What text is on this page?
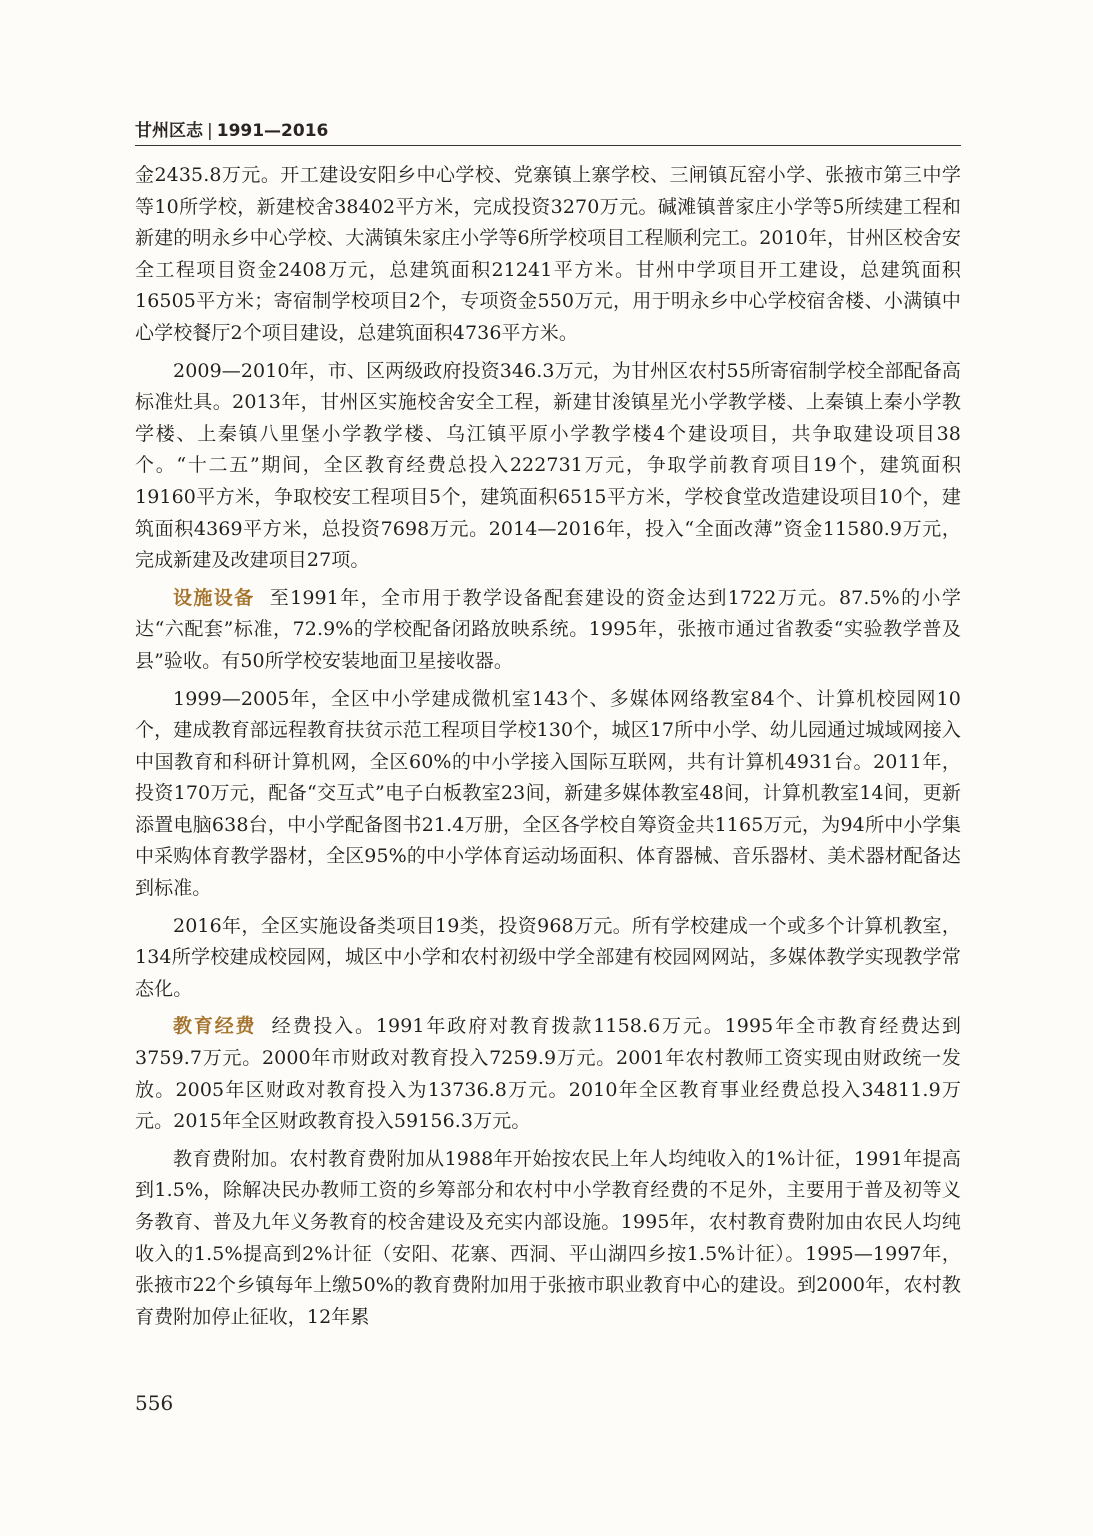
甘州区志 | 1991—2016

金2435.8万元。开工建设安阳乡中心学校、党寨镇上寨学校、三闸镇瓦窑小学、张掖市第三中学等10所学校，新建校舍38402平方米，完成投资3270万元。碱滩镇普家庄小学等5所续建工程和新建的明永乡中心学校、大满镇朱家庄小学等6所学校项目工程顺利完工。2010年，甘州区校舍安全工程项目资金2408万元，总建筑面积21241平方米。甘州中学项目开工建设，总建筑面积16505平方米；寄宿制学校项目2个，专项资金550万元，用于明永乡中心学校宿舍楼、小满镇中心学校餐厅2个项目建设，总建筑面积4736平方米。

2009—2010年，市、区两级政府投资346.3万元，为甘州区农村55所寄宿制学校全部配备高标准灶具。2013年，甘州区实施校舍安全工程，新建甘浚镇星光小学教学楼、上秦镇上秦小学教学楼、上秦镇八里堡小学教学楼、乌江镇平原小学教学楼4个建设项目，共争取建设项目38个。“十二五”期间，全区教育经费总投入222731万元，争取学前教育项目19个，建筑面积19160平方米，争取校安工程项目5个，建筑面积6515平方米，学校食堂改造建设项目10个，建筑面积4369平方米，总投资7698万元。2014—2016年，投入“全面改薄”资金11580.9万元，完成新建及改建项目27项。

设施设备 至1991年，全市用于教学设备配套建设的资金达到1722万元。87.5%的小学达“六配套”标准，72.9%的学校配备闭路放映系统。1995年，张掖市通过省教委“实验教学普及县”验收。有50所学校安装地面卫星接收器。

1999—2005年，全区中小学建成微机室143个、多媒体网络教室84个、计算机校园网10个，建成教育部远程教育扶贫示范工程项目学校130个，城区17所中小学、幼儿园通过城域网接入中国教育和科研计算机网，全区60%的中小学接入国际互联网，共有计算机4931台。2011年，投资170万元，配备“交互式”电子白板教室23间，新建多媒体教室48间，计算机教室14间，更新添置电脑638台，中小学配备图书21.4万册，全区各学校自筹资金共1165万元，为94所中小学集中采购体育教学器材，全区95%的中小学体育运动场面积、体育器械、音乐器材、美术器材配备达到标准。

2016年，全区实施设备类项目19类，投资968万元。所有学校建成一个或多个计算机教室，134所学校建成校园网，城区中小学和农村初级中学全部建有校园网网站，多媒体教学实现教学常态化。

教育经费 经费投入。1991年政府对教育拨款1158.6万元。1995年全市教育经费达到3759.7万元。2000年市财政对教育投入7259.9万元。2001年农村教师工资实现由财政统一发放。2005年区财政对教育投入为13736.8万元。2010年全区教育事业经费总投入34811.9万元。2015年全区财政教育投入59156.3万元。

教育费附加。农村教育费附加从1988年开始按农民上年人均纯收入的1%计征，1991年提高到1.5%，除解决民办教师工资的乡筹部分和农村中小学教育经费的不足外，主要用于普及初等义务教育、普及九年义务教育的校舍建设及充实内部设施。1995年，农村教育费附加由农民人均纯收入的1.5%提高到2%计征（安阳、花寨、西洞、平山湖四乡按1.5%计征）。1995—1997年，张掖市22个乡镇每年上缴50%的教育费附加用于张掖市职业教育中心的建设。到2000年，农村教育费附加停止征收，12年累

556
